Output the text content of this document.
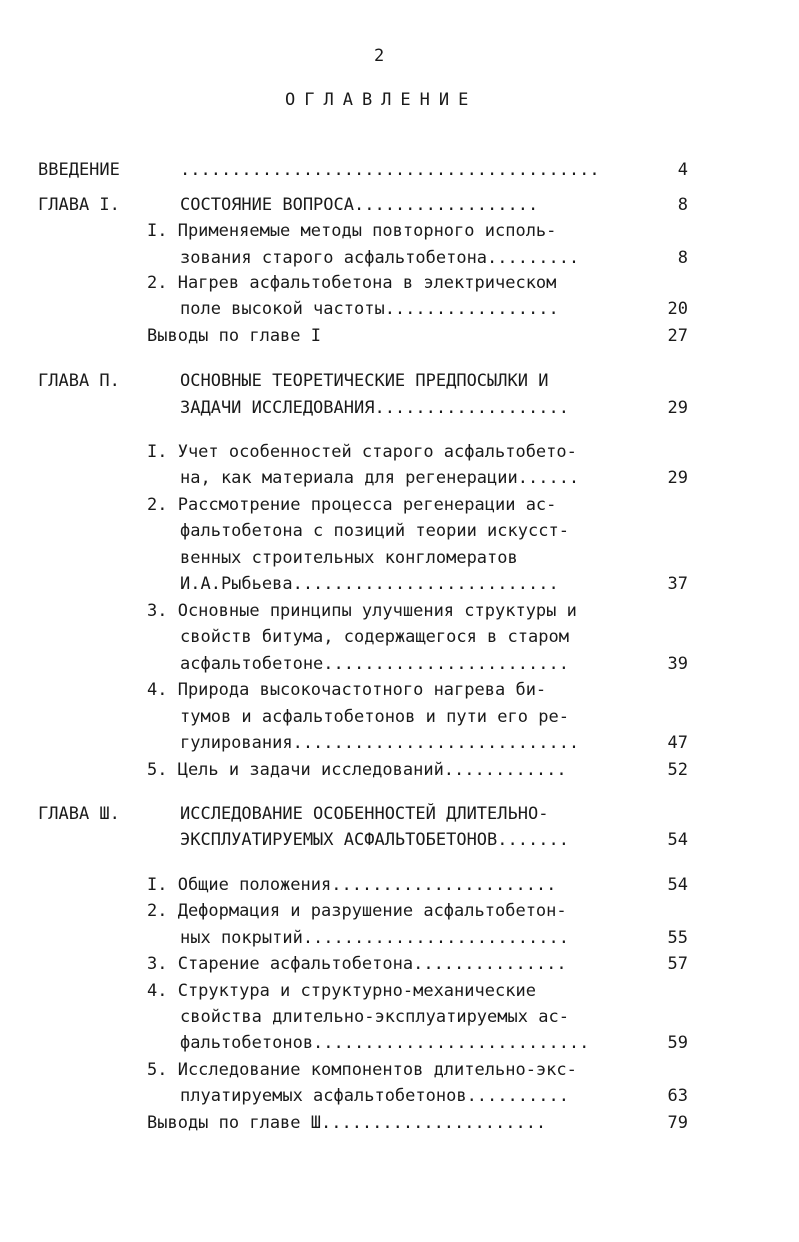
2
ОГЛАВЛЕНИЕ
ВВЕДЕНИЕ	.........................................	4
ГЛАВА I.	СОСТОЯНИЕ ВОПРОСА..................	8
I. Применяемые методы повторного исполь-
зования старого асфальтобетона.........	8
2. Нагрев асфальтобетона в электрическом
поле высокой частоты.................	20
Выводы по главе I	27
ГЛАВА П.	ОСНОВНЫЕ ТЕОРЕТИЧЕСКИЕ ПРЕДПОСЫЛКИ И
ЗАДАЧИ ИССЛЕДОВАНИЯ...................	29
I. Учет особенностей старого асфальтобето-
на, как материала для регенерации......	29
2. Рассмотрение процесса регенерации ас-
фальтобетона с позиций теории искусст-
венных строительных конгломератов
И.А.Рыбьева..........................	37
3. Основные принципы улучшения структуры и
свойств битума, содержащегося в старом
асфальтобетоне........................	39
4. Природа высокочастотного нагрева би-
тумов и асфальтобетонов и пути его ре-
гулирования............................	47
5. Цель и задачи исследований............	52
ГЛАВА Ш.	ИССЛЕДОВАНИЕ ОСОБЕННОСТЕЙ ДЛИТЕЛЬНО-
ЭКСПЛУАТИРУЕМЫХ АСФАЛЬТОБЕТОНОВ.......	54
I. Общие положения......................	54
2. Деформация и разрушение асфальтобетон-
ных покрытий..........................	55
3. Старение асфальтобетона...............	57
4. Структура и структурно-механические
свойства длительно-эксплуатируемых ас-
фальтобетонов...........................	59
5. Исследование компонентов длительно-экс-
плуатируемых асфальтобетонов..........	63
Выводы по главе Ш......................	79
